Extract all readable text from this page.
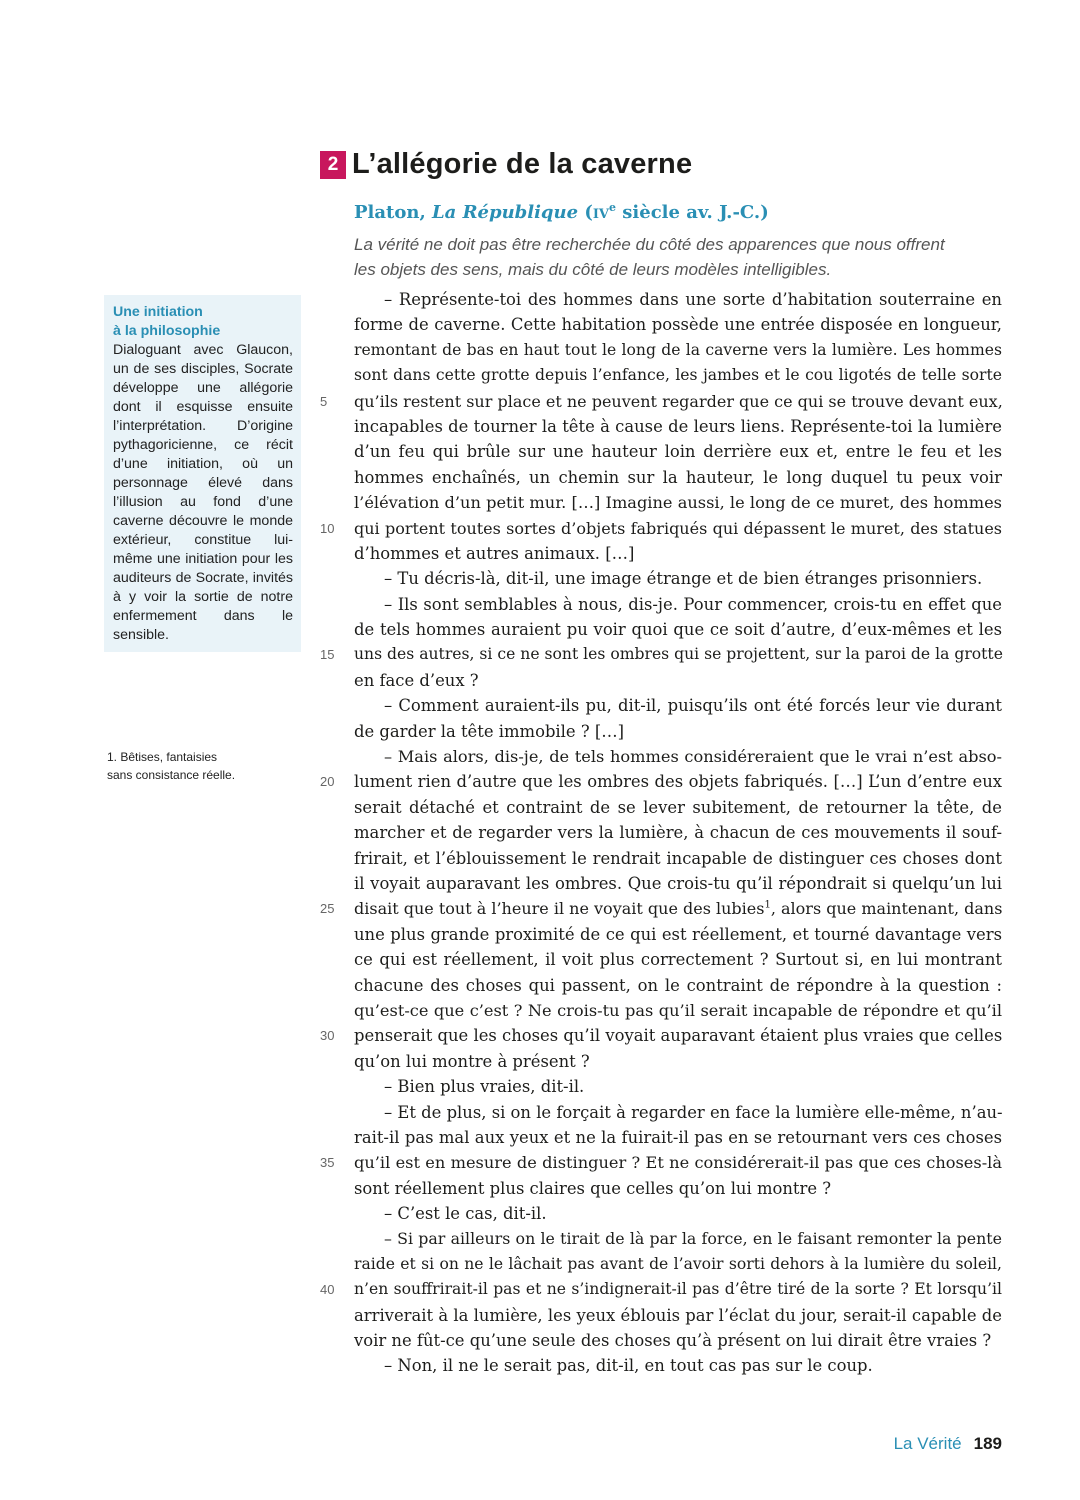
2 L’allégorie de la caverne
Platon, La République ($iv^e$ siècle av. J.-C.)
La vérité ne doit pas être recherchée du côté des apparences que nous offrent
les objets des sens, mais du côté de leurs modèles intelligibles.
Une initiation
à la philosophie
Dialoguant avec Glaucon, un de ses disciples, Socrate développe une allégorie dont il esquisse ensuite l’interprétation. D’origine pythagoricienne, ce récit d’une initiation, où un personnage élevé dans l’illusion au fond d’une caverne découvre le monde extérieur, constitue lui-même une initiation pour les auditeurs de Socrate, invités à y voir la sortie de notre enfermement dans le sensible.
1. Bêtises, fantaisies
sans consistance réelle.
– Représente-toi des hommes dans une sorte d’habitation souterraine en
forme de caverne. Cette habitation possède une entrée disposée en longueur,
remontant de bas en haut tout le long de la caverne vers la lumière. Les hommes
sont dans cette grotte depuis l’enfance, les jambes et le cou ligotés de telle sorte
5	qu’ils restent sur place et ne peuvent regarder que ce qui se trouve devant eux,
incapables de tourner la tête à cause de leurs liens. Représente-toi la lumière
d’un feu qui brûle sur une hauteur loin derrière eux et, entre le feu et les
hommes enchaînés, un chemin sur la hauteur, le long duquel tu peux voir
l’élévation d’un petit mur. […] Imagine aussi, le long de ce muret, des hommes
10	qui portent toutes sortes d’objets fabriqués qui dépassent le muret, des statues
d’hommes et autres animaux. […]
– Tu décris-là, dit-il, une image étrange et de bien étranges prisonniers.
– Ils sont semblables à nous, dis-je. Pour commencer, crois-tu en effet que
de tels hommes auraient pu voir quoi que ce soit d’autre, d’eux-mêmes et les
15	uns des autres, si ce ne sont les ombres qui se projettent, sur la paroi de la grotte
en face d’eux ?
– Comment auraient-ils pu, dit-il, puisqu’ils ont été forcés leur vie durant
de garder la tête immobile ? […]
– Mais alors, dis-je, de tels hommes considéreraient que le vrai n’est abso-
20	lument rien d’autre que les ombres des objets fabriqués. […] L’un d’entre eux
serait détaché et contraint de se lever subitement, de retourner la tête, de
marcher et de regarder vers la lumière, à chacun de ces mouvements il souf-
frirait, et l’éblouissement le rendrait incapable de distinguer ces choses dont
il voyait auparavant les ombres. Que crois-tu qu’il répondrait si quelqu’un lui
25	disait que tout à l’heure il ne voyait que des lubies$^1$, alors que maintenant, dans
une plus grande proximité de ce qui est réellement, et tourné davantage vers
ce qui est réellement, il voit plus correctement ? Surtout si, en lui montrant
chacune des choses qui passent, on le contraint de répondre à la question :
qu’est-ce que c’est ? Ne crois-tu pas qu’il serait incapable de répondre et qu’il
30	penserait que les choses qu’il voyait auparavant étaient plus vraies que celles
qu’on lui montre à présent ?
– Bien plus vraies, dit-il.
– Et de plus, si on le forçait à regarder en face la lumière elle-même, n’au-
rait-il pas mal aux yeux et ne la fuirait-il pas en se retournant vers ces choses
35	qu’il est en mesure de distinguer ? Et ne considérerait-il pas que ces choses-là
sont réellement plus claires que celles qu’on lui montre ?
– C’est le cas, dit-il.
– Si par ailleurs on le tirait de là par la force, en le faisant remonter la pente
raide et si on ne le lâchait pas avant de l’avoir sorti dehors à la lumière du soleil,
40	n’en souffrirait-il pas et ne s’indignerait-il pas d’être tiré de la sorte ? Et lorsqu’il
arriverait à la lumière, les yeux éblouis par l’éclat du jour, serait-il capable de
voir ne fût-ce qu’une seule des choses qu’à présent on lui dirait être vraies ?
– Non, il ne le serait pas, dit-il, en tout cas pas sur le coup.
La Vérité 189
